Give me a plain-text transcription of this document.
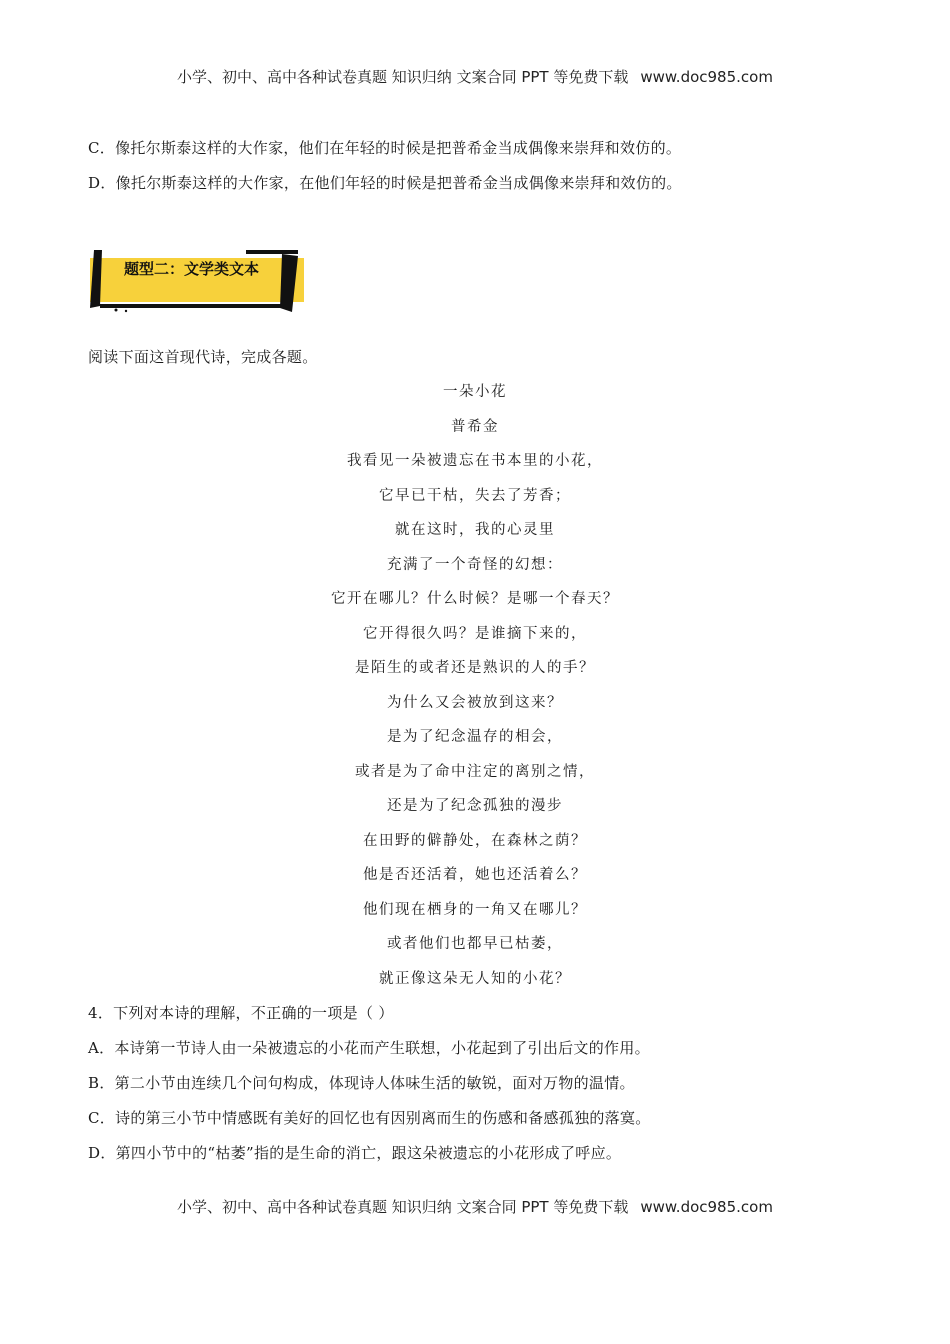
小学、初中、高中各种试卷真题 知识归纳 文案合同 PPT 等免费下载 www.doc985.com
C．像托尔斯泰这样的大作家，他们在年轻的时候是把普希金当成偶像来崇拜和效仿的。
D．像托尔斯泰这样的大作家，在他们年轻的时候是把普希金当成偶像来崇拜和效仿的。
题型二：文学类文本
阅读下面这首现代诗，完成各题。
一朵小花
普希金
我看见一朵被遗忘在书本里的小花，
它早已干枯，失去了芳香；
就在这时，我的心灵里
充满了一个奇怪的幻想：
它开在哪儿？什么时候？是哪一个春天？
它开得很久吗？是谁摘下来的，
是陌生的或者还是熟识的人的手？
为什么又会被放到这来？
是为了纪念温存的相会，
或者是为了命中注定的离别之情，
还是为了纪念孤独的漫步
在田野的僻静处，在森林之荫？
他是否还活着，她也还活着么？
他们现在栖身的一角又在哪儿？
或者他们也都早已枯萎，
就正像这朵无人知的小花？
4．下列对本诗的理解，不正确的一项是（ ）
A．本诗第一节诗人由一朵被遗忘的小花而产生联想，小花起到了引出后文的作用。
B．第二小节由连续几个问句构成，体现诗人体味生活的敏锐，面对万物的温情。
C．诗的第三小节中情感既有美好的回忆也有因别离而生的伤感和备感孤独的落寞。
D．第四小节中的“枯萎”指的是生命的消亡，跟这朵被遗忘的小花形成了呼应。
小学、初中、高中各种试卷真题 知识归纳 文案合同 PPT 等免费下载 www.doc985.com
